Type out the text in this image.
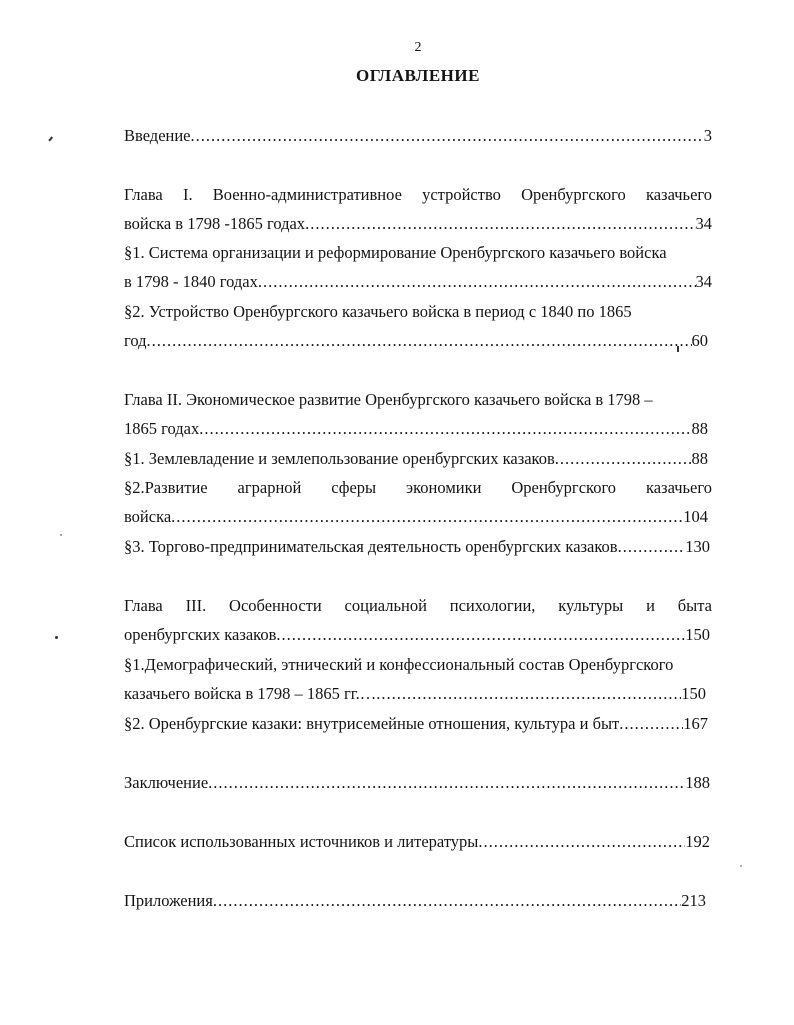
2
ОГЛАВЛЕНИЕ
Введение .....	3
Глава I. Военно-административное устройство Оренбургского казачьего
войска в 1798 -1865 годах .....	34
§1. Система организации и реформирование Оренбургского казачьего войска
в 1798 - 1840 годах .....	34
§2. Устройство Оренбургского казачьего войска в период с 1840 по 1865
год .....	60
Глава II. Экономическое развитие Оренбургского казачьего войска в 1798 –
1865 годах .....	88
§1. Землевладение и землепользование оренбургских казаков .....	88
§2.Развитие аграрной сферы экономики Оренбургского казачьего
войска .....	104
§3. Торгово-предпринимательская деятельность оренбургских казаков .....	130
Глава III. Особенности социальной психологии, культуры и быта
оренбургских казаков .....	150
§1.Демографический, этнический и конфессиональный состав Оренбургского
казачьего войска в 1798 – 1865 гг.… .....	150
§2. Оренбургские казаки: внутрисемейные отношения, культура и быт .....	167
Заключение .....	188
Список использованных источников и литературы .....	192
Приложения .....	213
